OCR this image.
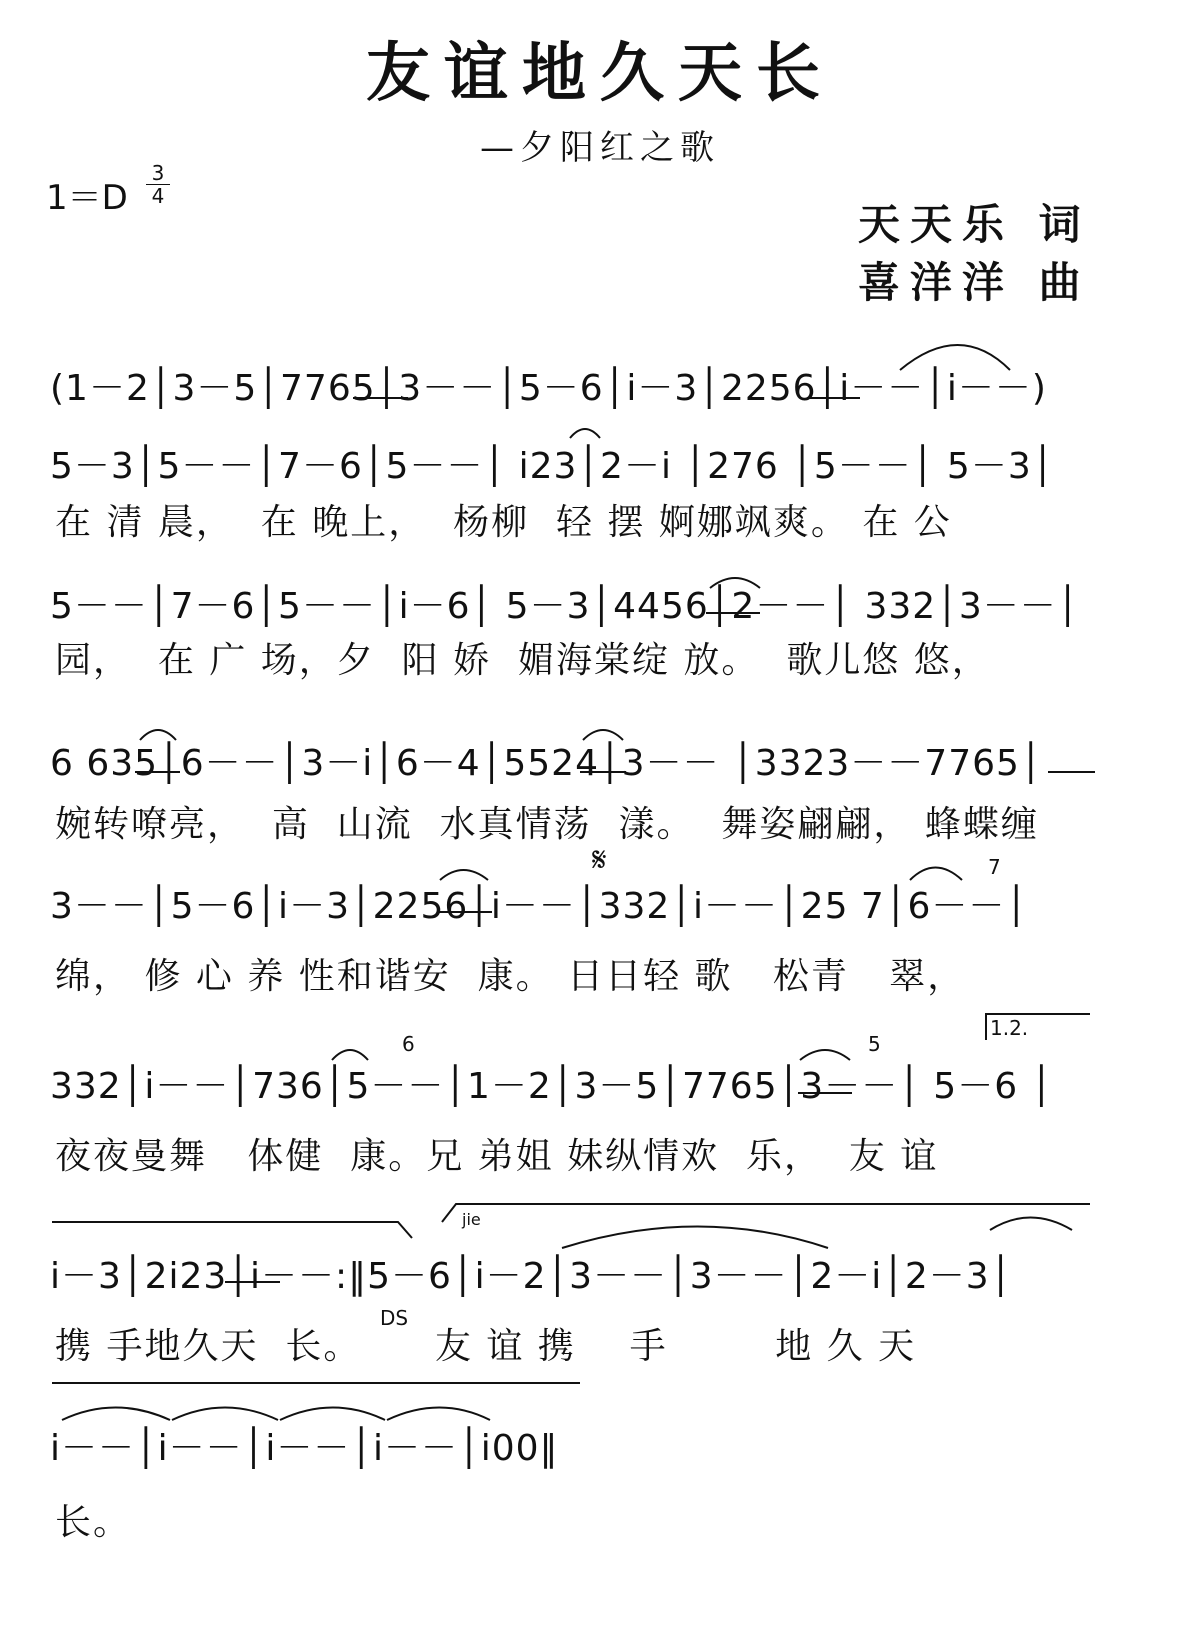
友谊地久天长
—夕阳红之歌
1＝D
3
4
天天乐 词
喜洋洋 曲
(1－2│3－5│7765│3－－│5－6│i－3│2256│i－－│i－－)
5－3│5－－│7－6│5－－│ i23│2－i │276 │5－－│ 5－3│
在 清 晨，  在 晚上，  杨柳  轻 摆 婀娜飒爽。 在 公
5－－│7－6│5－－│i－6│ 5－3│4456│2－－│ 332│3－－│
园，  在 广 场，夕  阳 娇  媚海棠绽 放。  歌儿悠 悠，
6 635│6－－│3－i│6－4│5524│3－－ │3323－－7765│
婉转嘹亮，  高  山流  水真情荡  漾。  舞姿翩翩， 蜂蝶缠
𝄋	7
3－－│5－6│i－3│2256│i－－│332│i－－│25 7│6－－│
绵， 修 心 养 性和谐安  康。 日日轻 歌   松青   翠，
6	5
1.2.
332│i－－│736│5－－│1－2│3－5│7765│3－－│ 5－6 │
夜夜曼舞   体健  康。兄 弟姐 妹纵情欢  乐，  友 谊
jie
i－3│2i23│i－－:‖5－6│i－2│3－－│3－－│2－i│2－3│
携 手地久天  长。
DS
友 谊 携    手        地 久 天
i－－│i－－│i－－│i－－│i00‖
长。
